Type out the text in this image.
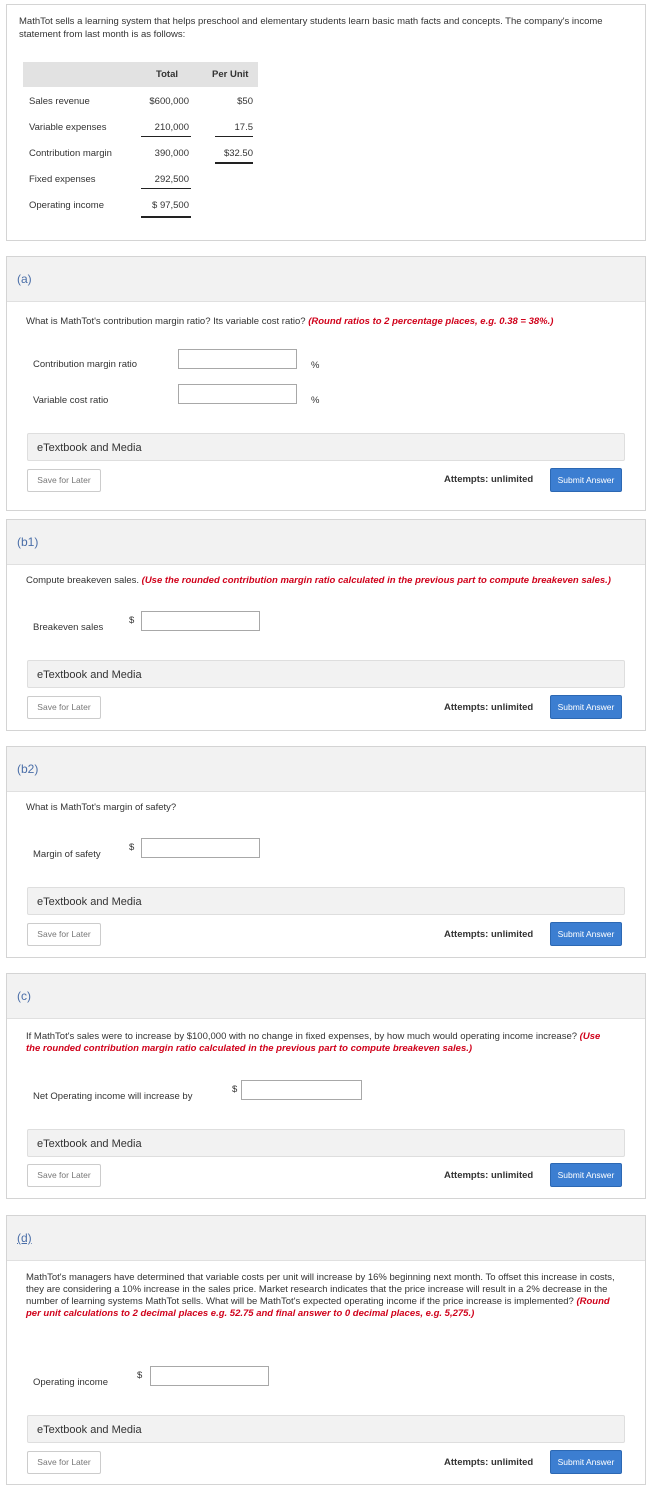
MathTot sells a learning system that helps preschool and elementary students learn basic math facts and concepts. The company's income statement from last month is as follows:
Total	Per Unit
Sales revenue	$600,000	$50
Variable expenses	210,000	17.5
Contribution margin	390,000	$32.50
Fixed expenses	292,500
Operating income	$ 97,500
(a)
What is MathTot's contribution margin ratio? Its variable cost ratio? (Round ratios to 2 percentage places, e.g. 0.38 = 38%.)
Contribution margin ratio	%
Variable cost ratio	%
eTextbook and Media
Save for Later	Attempts: unlimited	Submit Answer
(b1)
Compute breakeven sales. (Use the rounded contribution margin ratio calculated in the previous part to compute breakeven sales.)
Breakeven sales
$
eTextbook and Media
Save for Later	Attempts: unlimited	Submit Answer
(b2)
What is MathTot's margin of safety?
Margin of safety
$
eTextbook and Media
Save for Later	Attempts: unlimited	Submit Answer
(c)
If MathTot's sales were to increase by $100,000 with no change in fixed expenses, by how much would operating income increase? (Use the rounded contribution margin ratio calculated in the previous part to compute breakeven sales.)
Net Operating income will increase by
$
eTextbook and Media
Save for Later	Attempts: unlimited	Submit Answer
(d)
MathTot's managers have determined that variable costs per unit will increase by 16% beginning next month. To offset this increase in costs, they are considering a 10% increase in the sales price. Market research indicates that the price increase will result in a 2% decrease in the number of learning systems MathTot sells. What will be MathTot's expected operating income if the price increase is implemented? (Round per unit calculations to 2 decimal places e.g. 52.75 and final answer to 0 decimal places, e.g. 5,275.)
Operating income
$
eTextbook and Media
Save for Later	Attempts: unlimited	Submit Answer
